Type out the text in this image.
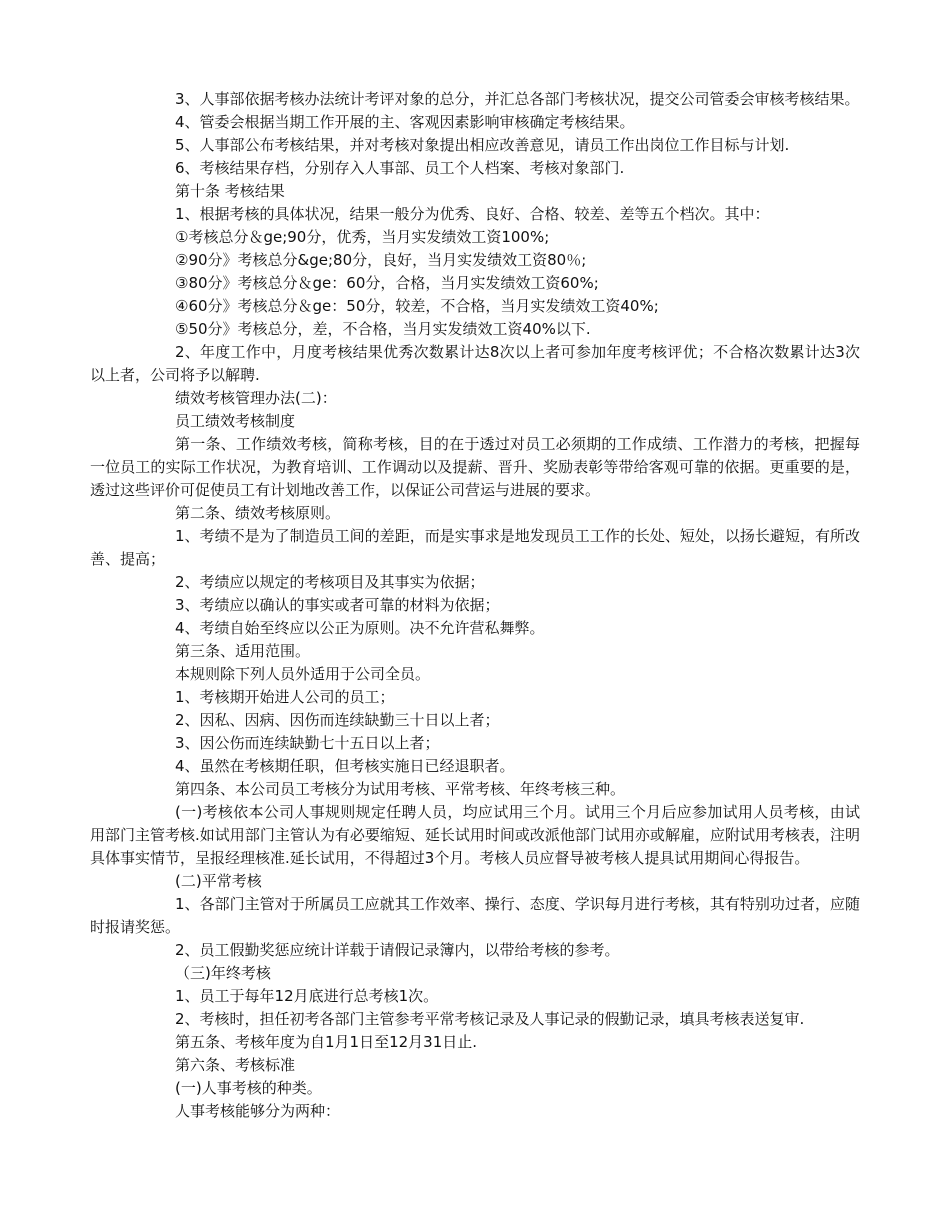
3、人事部依据考核办法统计考评对象的总分，并汇总各部门考核状况，提交公司管委会审核考核结果。

4、管委会根据当期工作开展的主、客观因素影响审核确定考核结果。

5、人事部公布考核结果，并对考核对象提出相应改善意见，请员工作出岗位工作目标与计划.

6、考核结果存档，分别存入人事部、员工个人档案、考核对象部门.

第十条 考核结果

1、根据考核的具体状况，结果一般分为优秀、良好、合格、较差、差等五个档次。其中：

①考核总分＆ge;90分，优秀，当月实发绩效工资100%;

②90分》考核总分&ge;80分，良好，当月实发绩效工资80％;

③80分》考核总分＆ge：60分，合格，当月实发绩效工资60%;

④60分》考核总分＆ge：50分，较差，不合格，当月实发绩效工资40%;

⑤50分》考核总分，差，不合格，当月实发绩效工资40%以下.

2、年度工作中，月度考核结果优秀次数累计达8次以上者可参加年度考核评优；不合格次数累计达3次以上者，公司将予以解聘.

绩效考核管理办法(二)：

员工绩效考核制度

第一条、工作绩效考核，简称考核，目的在于透过对员工必须期的工作成绩、工作潜力的考核，把握每一位员工的实际工作状况，为教育培训、工作调动以及提薪、晋升、奖励表彰等带给客观可靠的依据。更重要的是，透过这些评价可促使员工有计划地改善工作，以保证公司营运与进展的要求。

第二条、绩效考核原则。

1、考绩不是为了制造员工间的差距，而是实事求是地发现员工工作的长处、短处，以扬长避短，有所改善、提高；

2、考绩应以规定的考核项目及其事实为依据；

3、考绩应以确认的事实或者可靠的材料为依据；

4、考绩自始至终应以公正为原则。决不允许营私舞弊。

第三条、适用范围。

本规则除下列人员外适用于公司全员。

1、考核期开始进人公司的员工；

2、因私、因病、因伤而连续缺勤三十日以上者；

3、因公伤而连续缺勤七十五日以上者；

4、虽然在考核期任职，但考核实施日已经退职者。

第四条、本公司员工考核分为试用考核、平常考核、年终考核三种。

(一)考核依本公司人事规则规定任聘人员，均应试用三个月。试用三个月后应参加试用人员考核，由试用部门主管考核.如试用部门主管认为有必要缩短、延长试用时间或改派他部门试用亦或解雇，应附试用考核表，注明具体事实情节，呈报经理核准.延长试用，不得超过3个月。考核人员应督导被考核人提具试用期间心得报告。

(二)平常考核

1、各部门主管对于所属员工应就其工作效率、操行、态度、学识每月进行考核，其有特别功过者，应随时报请奖惩。

2、员工假勤奖惩应统计详载于请假记录簿内，以带给考核的参考。

（三)年终考核

1、员工于每年12月底进行总考核1次。

2、考核时，担任初考各部门主管参考平常考核记录及人事记录的假勤记录，填具考核表送复审.

第五条、考核年度为自1月1日至12月31日止.

第六条、考核标准

(一)人事考核的种类。

人事考核能够分为两种：
